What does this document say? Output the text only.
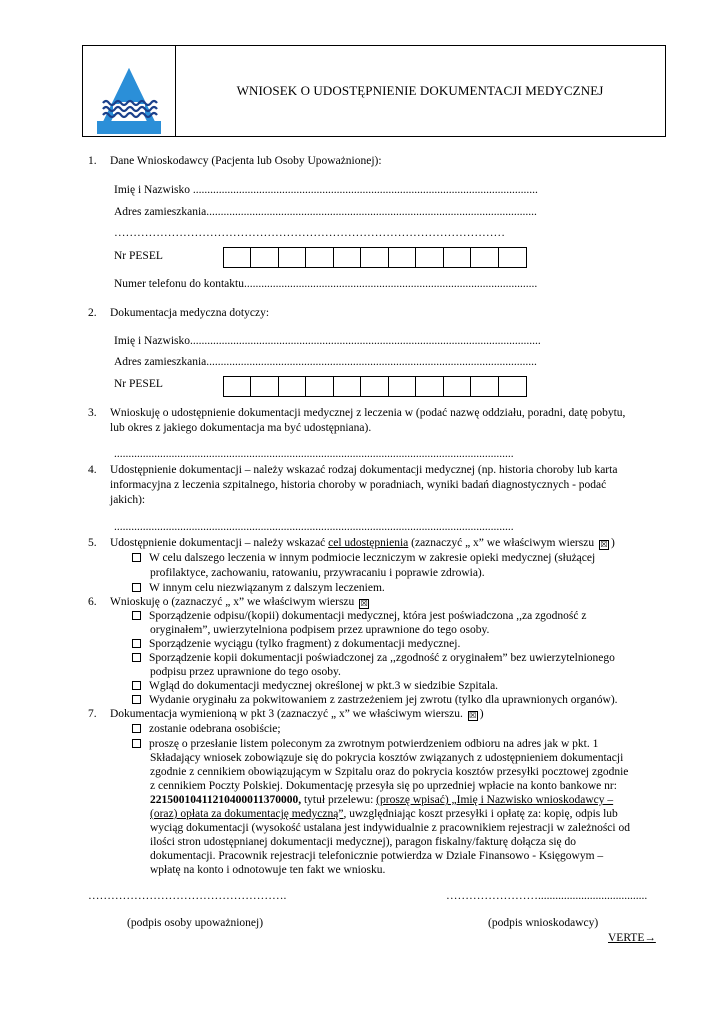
WNIOSEK O UDOSTĘPNIENIE DOKUMENTACJI MEDYCZNEJ
1. Dane Wnioskodawcy (Pacjenta lub Osoby Upoważnionej):
Imię i Nazwisko ........................................................................................................................
Adres zamieszkania...................................................................................................................
…………………………………………………………………………………………
Nr PESEL
Numer telefonu do kontaktu......................................................................................................
2. Dokumentacja medyczna dotyczy:
Imię i Nazwisko..........................................................................................................................
Adres zamieszkania...................................................................................................................
Nr PESEL
3. Wnioskuję o udostępnienie dokumentacji medycznej z leczenia w (podać nazwę oddziału, poradni, datę pobytu,
lub okres z jakiego dokumentacja ma być udostępniana).
...........................................................................................................................................
4. Udostępnienie dokumentacji – należy wskazać rodzaj dokumentacji medycznej (np. historia choroby lub karta
informacyjna z leczenia szpitalnego, historia choroby w poradniach, wyniki badań diagnostycznych - podać
jakich):
...........................................................................................................................................
5. Udostępnienie dokumentacji – należy wskazać cel udostępnienia (zaznaczyć „ x” we właściwym wierszu ☒ )
W celu dalszego leczenia w innym podmiocie leczniczym w zakresie opieki medycznej (służącej
profilaktyce, zachowaniu, ratowaniu, przywracaniu i poprawie zdrowia).
W innym celu niezwiązanym z dalszym leczeniem.
6. Wnioskuję o (zaznaczyć „ x” we właściwym wierszu ☒
Sporządzenie odpisu/(kopii) dokumentacji medycznej, która jest poświadczona ,,za zgodność z
oryginałem”, uwierzytelniona podpisem przez uprawnione do tego osoby.
Sporządzenie wyciągu (tylko fragment) z dokumentacji medycznej.
Sporządzenie kopii dokumentacji poświadczonej za ,,zgodność z oryginałem” bez uwierzytelnionego
podpisu przez uprawnione do tego osoby.
Wgląd do dokumentacji medycznej określonej w pkt.3 w siedzibie Szpitala.
Wydanie oryginału za pokwitowaniem z zastrzeżeniem jej zwrotu (tylko dla uprawnionych organów).
7. Dokumentacja wymienioną w pkt 3 (zaznaczyć „ x” we właściwym wierszu. ☒ )
zostanie odebrana osobiście;
proszę o przesłanie listem poleconym za zwrotnym potwierdzeniem odbioru na adres jak w pkt. 1
Składający wniosek zobowiązuje się do pokrycia kosztów związanych z udostępnieniem dokumentacji
zgodnie z cennikiem obowiązującym w Szpitalu oraz do pokrycia kosztów przesyłki pocztowej zgodnie
z cennikiem Poczty Polskiej. Dokumentację przesyła się po uprzedniej wpłacie na konto bankowe nr:
22150010411210400011370000, tytuł przelewu: (proszę wpisać) „Imię i Nazwisko wnioskodawcy –
(oraz) opłata za dokumentację medyczną”, uwzględniając koszt przesyłki i opłatę za: kopię, odpis lub
wyciąg dokumentacji (wysokość ustalana jest indywidualnie z pracownikiem rejestracji w zależności od
ilości stron udostępnianej dokumentacji medycznej), paragon fiskalny/fakturę dołącza się do
dokumentacji. Pracownik rejestracji telefonicznie potwierdza w Dziale Finansowo - Księgowym –
wpłatę na konto i odnotowuje ten fakt we wniosku.
…………………………………………….	……………………......................................
(podpis osoby upoważnionej)	(podpis wnioskodawcy)
VERTE→
